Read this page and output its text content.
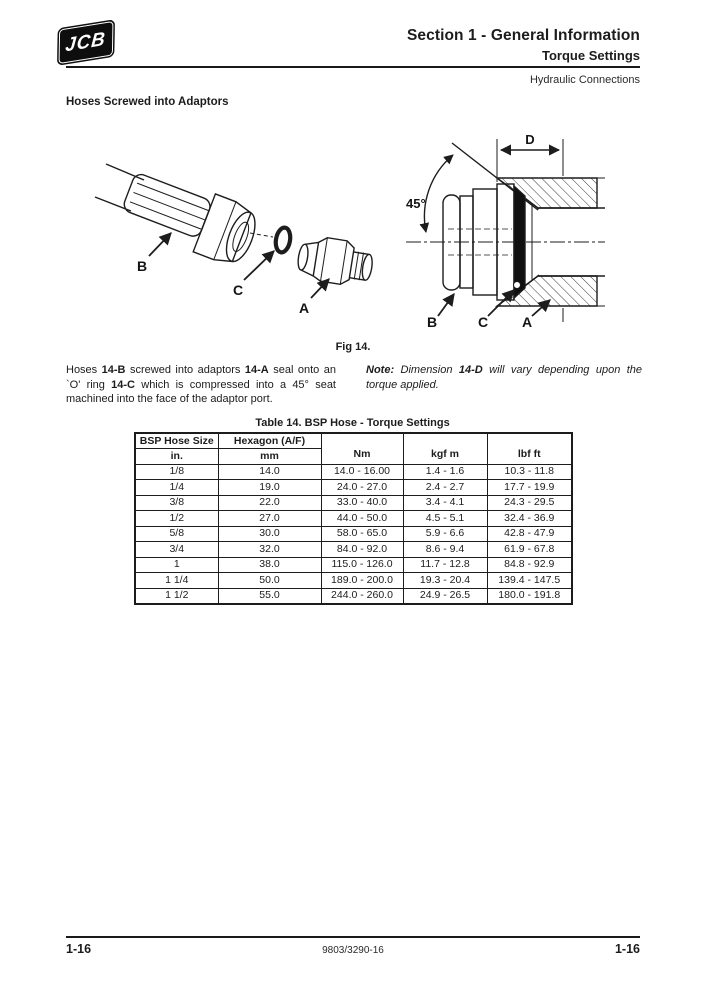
JCB	Section 1 - General Information
Torque Settings
Hydraulic Connections
Hoses Screwed into Adaptors
B
C
A
D
45°
B	C A
Fig 14.

Hoses 14-B screwed into adaptors 14-A seal onto an `O' ring 14-C which is compressed into a 45° seat machined into the face of the adaptor port.

Note: Dimension 14-D will vary depending upon the torque applied.

Table 14. BSP Hose - Torque Settings
BSP Hose Size	Hexagon (A/F)	Nm	kgf m	lbf ft
in.	mm			
1/8	14.0	14.0 - 16.00	1.4 - 1.6	10.3 - 11.8
1/4	19.0	24.0 - 27.0	2.4 - 2.7	17.7 - 19.9
3/8	22.0	33.0 - 40.0	3.4 - 4.1	24.3 - 29.5
1/2	27.0	44.0 - 50.0	4.5 - 5.1	32.4 - 36.9
5/8	30.0	58.0 - 65.0	5.9 - 6.6	42.8 - 47.9
3/4	32.0	84.0 - 92.0	8.6 - 9.4	61.9 - 67.8
1	38.0	115.0 - 126.0	11.7 - 12.8	84.8 - 92.9
1 1/4	50.0	189.0 - 200.0	19.3 - 20.4	139.4 - 147.5
1 1/2	55.0	244.0 - 260.0	24.9 - 26.5	180.0 - 191.8
1-16	9803/3290-16	1-16
